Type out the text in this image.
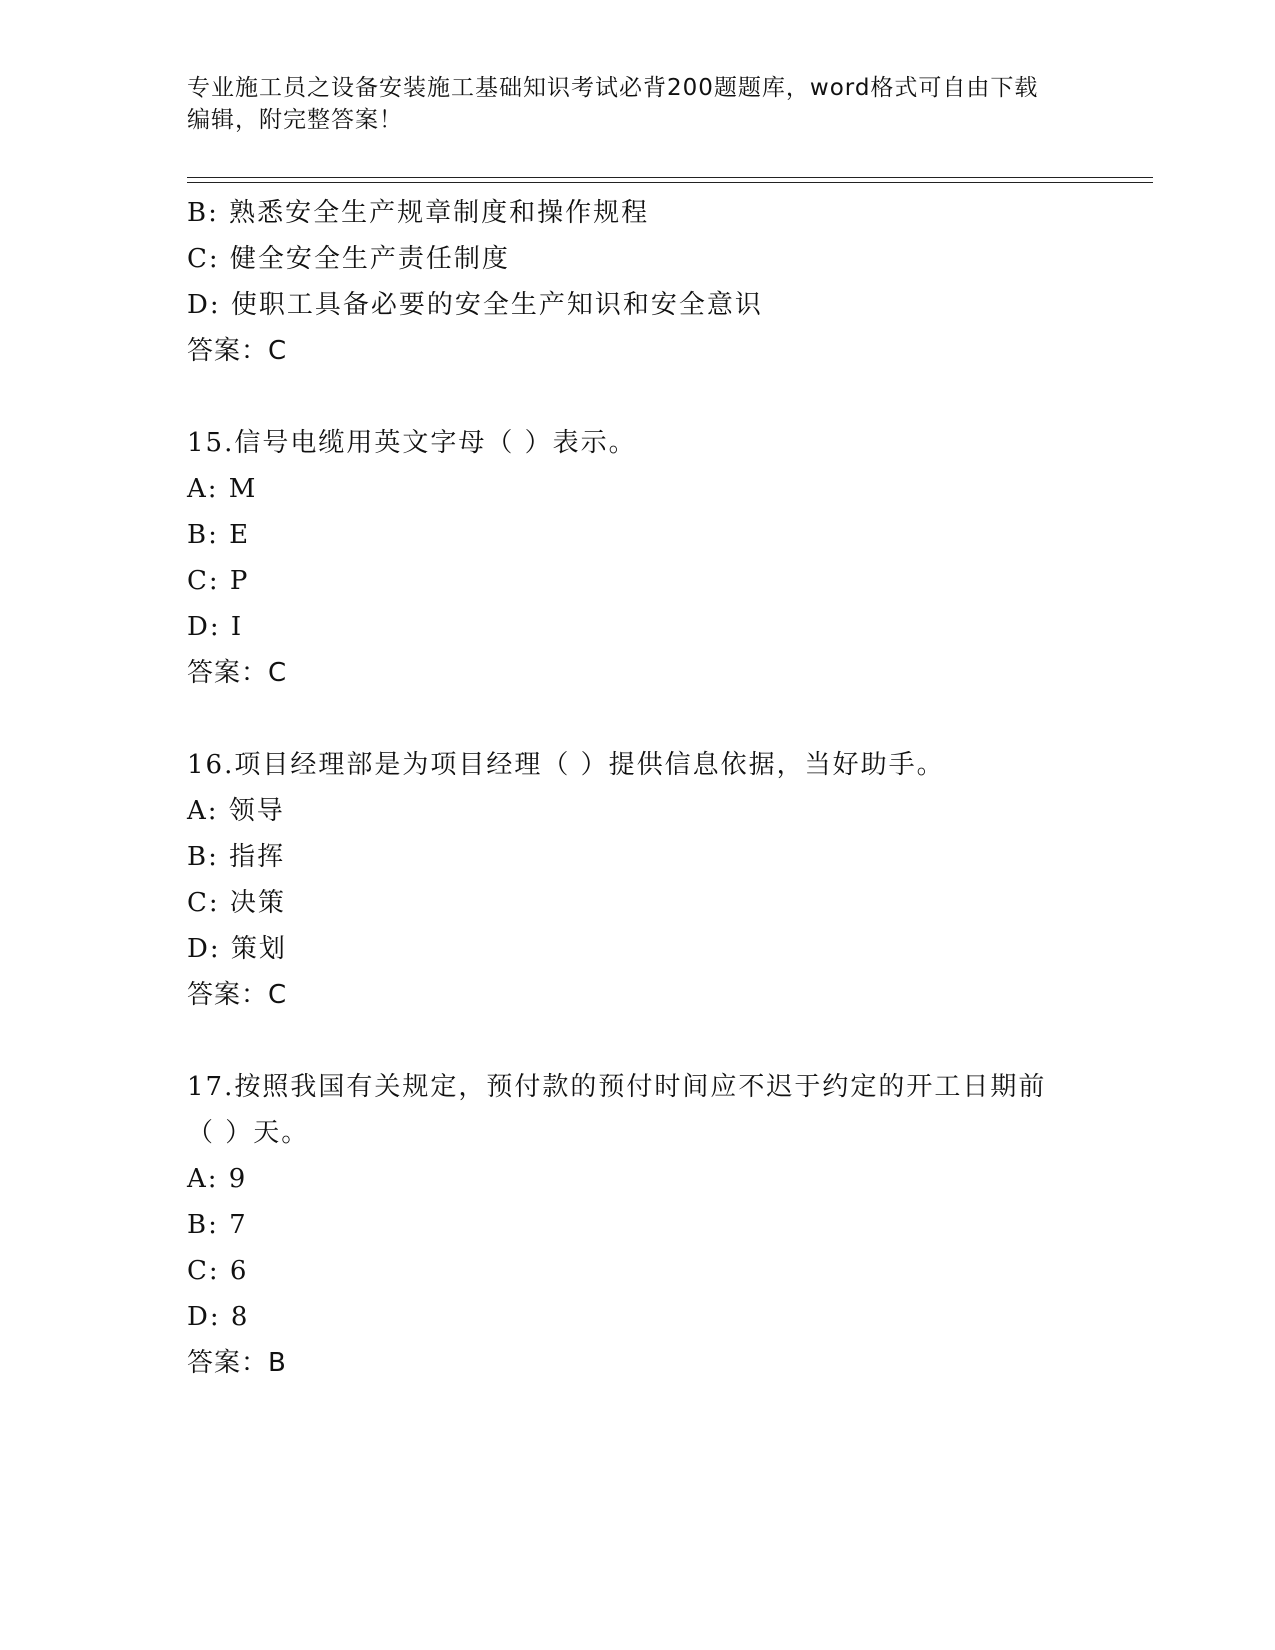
专业施工员之设备安装施工基础知识考试必背200题题库，word格式可自由下载
编辑，附完整答案！
B: 熟悉安全生产规章制度和操作规程
C: 健全安全生产责任制度
D: 使职工具备必要的安全生产知识和安全意识
答案：C
15.信号电缆用英文字母（ ）表示。
A: M
B: E
C: P
D: I
答案：C
16.项目经理部是为项目经理（ ）提供信息依据，当好助手。
A: 领导
B: 指挥
C: 决策
D: 策划
答案：C
17.按照我国有关规定，预付款的预付时间应不迟于约定的开工日期前
（ ）天。
A: 9
B: 7
C: 6
D: 8
答案：B
